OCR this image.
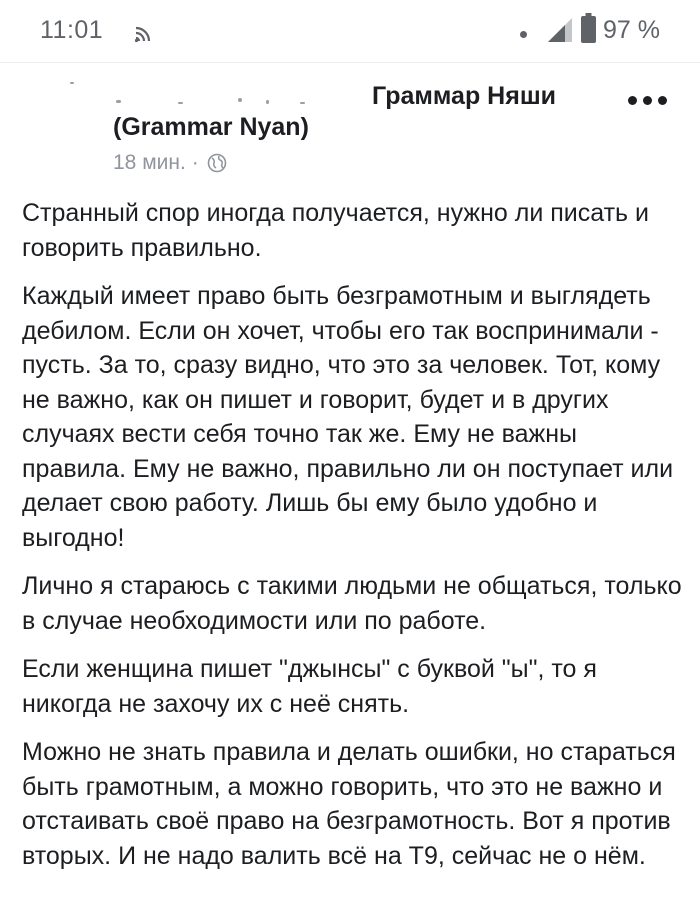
11:01	97 %
Граммар Няши
(Grammar Nyan)
18 мин. ·

Странный спор иногда получается, нужно ли писать и говорить правильно.

Каждый имеет право быть безграмотным и выглядеть дебилом. Если он хочет, чтобы его так воспринимали - пусть. За то, сразу видно, что это за человек. Тот, кому не важно, как он пишет и говорит, будет и в других случаях вести себя точно так же. Ему не важны правила. Ему не важно, правильно ли он поступает или делает свою работу. Лишь бы ему было удобно и выгодно!

Лично я стараюсь с такими людьми не общаться, только в случае необходимости или по работе.

Если женщина пишет "джынсы" с буквой "ы", то я никогда не захочу их с неё снять.

Можно не знать правила и делать ошибки, но стараться быть грамотным, а можно говорить, что это не важно и отстаивать своё право на безграмотность. Вот я против вторых. И не надо валить всё на Т9, сейчас не о нём.
